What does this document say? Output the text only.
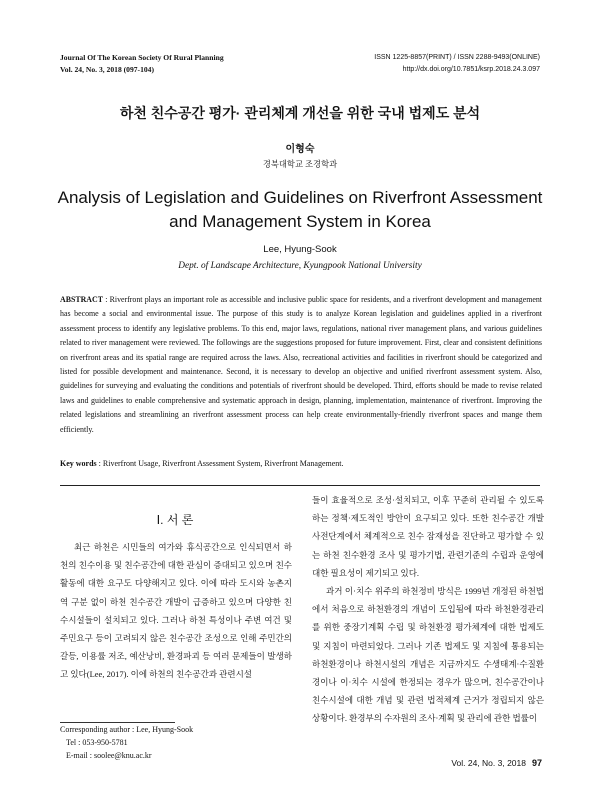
Journal Of The Korean Society Of Rural Planning
Vol. 24, No. 3, 2018 (097-104)
ISSN 1225-8857(PRINT) / ISSN 2288-9493(ONLINE)
http://dx.doi.org/10.7851/ksrp.2018.24.3.097
하천 친수공간 평가· 관리체계 개선을 위한 국내 법제도 분석
이형숙
경북대학교 조경학과
Analysis of Legislation and Guidelines on Riverfront Assessment
and Management System in Korea
Lee, Hyung-Sook
Dept. of Landscape Architecture, Kyungpook National University

ABSTRACT : Riverfront plays an important role as accessible and inclusive public space for residents, and a riverfront development and management has become a social and environmental issue. The purpose of this study is to analyze Korean legislation and guidelines applied in a riverfront assessment process to identify any legislative problems. To this end, major laws, regulations, national river management plans, and various guidelines related to river management were reviewed. The followings are the suggestions proposed for future improvement. First, clear and consistent definitions on riverfront areas and its spatial range are required across the laws. Also, recreational activities and facilities in riverfront should be categorized and listed for possible development and maintenance. Second, it is necessary to develop an objective and unified riverfront assessment system. Also, guidelines for surveying and evaluating the conditions and potentials of riverfront should be developed. Third, efforts should be made to revise related laws and guidelines to enable comprehensive and systematic approach in design, planning, implementation, maintenance of riverfront. Improving the related legislations and streamlining an riverfront assessment process can help create environmentally-friendly riverfront spaces and mange them efficiently.

Key words : Riverfront Usage, Riverfront Assessment System, Riverfront Management.

Ⅰ. 서 론

최근 하천은 시민들의 여가와 휴식공간으로 인식되면서 하천의 친수이용 및 친수공간에 대한 관심이 증대되고 있으며 친수활동에 대한 요구도 다양해지고 있다. 이에 따라 도시와 농촌지역 구분 없이 하천 친수공간 개발이 급증하고 있으며 다양한 친수시설들이 설치되고 있다. 그러나 하천 특성이나 주변 여건 및 주민요구 등이 고려되지 않은 친수공간 조성으로 인해 주민간의 갈등, 이용률 저조, 예산낭비, 환경파괴 등 여러 문제들이 발생하고 있다(Lee, 2017). 이에 하천의 친수공간과 관련시설

들이 효율적으로 조성·설치되고, 이후 꾸준히 관리될 수 있도록 하는 정책·제도적인 방안이 요구되고 있다. 또한 친수공간 개발 사전단계에서 체계적으로 친수 잠재성을 진단하고 평가할 수 있는 하천 친수환경 조사 및 평가기법, 관련기준의 수립과 운영에 대한 필요성이 제기되고 있다.
과거 이·치수 위주의 하천정비 방식은 1999년 개정된 하천법에서 처음으로 하천환경의 개념이 도입됨에 따라 하천환경관리를 위한 중장기계획 수립 및 하천환경 평가체계에 대한 법제도 및 지침이 마련되었다. 그러나 기존 법제도 및 지침에 통용되는 하천환경이나 하천시설의 개념은 지금까지도 수생태계·수질환경이나 이·치수 시설에 한정되는 경우가 많으며, 친수공간이나 친수시설에 대한 개념 및 관련 법적체계 근거가 정립되지 않은 상황이다. 환경부의 수자원의 조사·계획 및 관리에 관한 법률이
Corresponding author : Lee, Hyung-Sook
Tel : 053-950-5781
E-mail : soolee@knu.ac.kr
Vol. 24, No. 3, 2018 97
